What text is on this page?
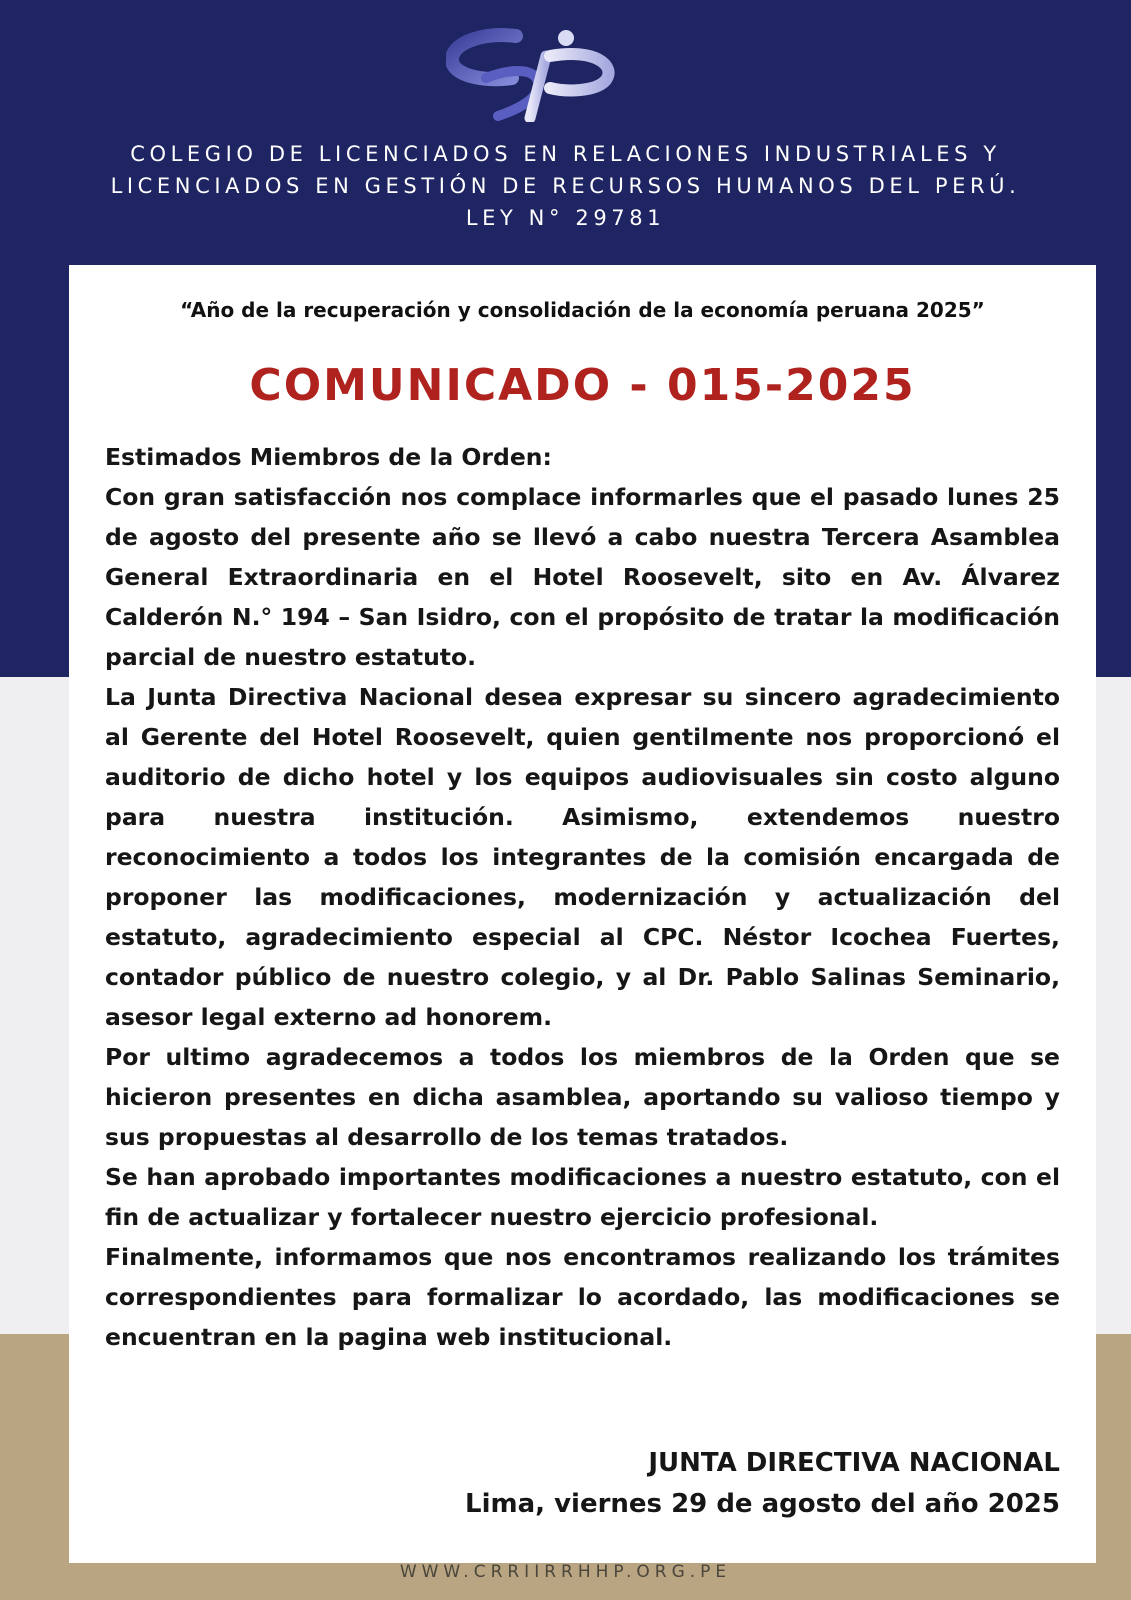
COLEGIO DE LICENCIADOS EN RELACIONES INDUSTRIALES Y
LICENCIADOS EN GESTIÓN DE RECURSOS HUMANOS DEL PERÚ.
LEY N° 29781
“Año de la recuperación y consolidación de la economía peruana 2025”
COMUNICADO - 015-2025

Estimados Miembros de la Orden:

Con gran satisfacción nos complace informarles que el pasado lunes 25 de agosto del presente año se llevó a cabo nuestra Tercera Asamblea General Extraordinaria en el Hotel Roosevelt, sito en Av. Álvarez Calderón N.° 194 – San Isidro, con el propósito de tratar la modificación parcial de nuestro estatuto.

La Junta Directiva Nacional desea expresar su sincero agradecimiento al Gerente del Hotel Roosevelt, quien gentilmente nos proporcionó el auditorio de dicho hotel y los equipos audiovisuales sin costo alguno para nuestra institución. Asimismo, extendemos nuestro reconocimiento a todos los integrantes de la comisión encargada de proponer las modificaciones, modernización y actualización del estatuto, agradecimiento especial al CPC. Néstor Icochea Fuertes, contador público de nuestro colegio, y al Dr. Pablo Salinas Seminario, asesor legal externo ad honorem.

Por ultimo agradecemos a todos los miembros de la Orden que se hicieron presentes en dicha asamblea, aportando su valioso tiempo y sus propuestas al desarrollo de los temas tratados.

Se han aprobado importantes modificaciones a nuestro estatuto, con el fin de actualizar y fortalecer nuestro ejercicio profesional.

Finalmente, informamos que nos encontramos realizando los trámites correspondientes para formalizar lo acordado, las modificaciones se encuentran en la pagina web institucional.

JUNTA DIRECTIVA NACIONAL
Lima, viernes 29 de agosto del año 2025
WWW.CRRIIRRHHP.ORG.PE
